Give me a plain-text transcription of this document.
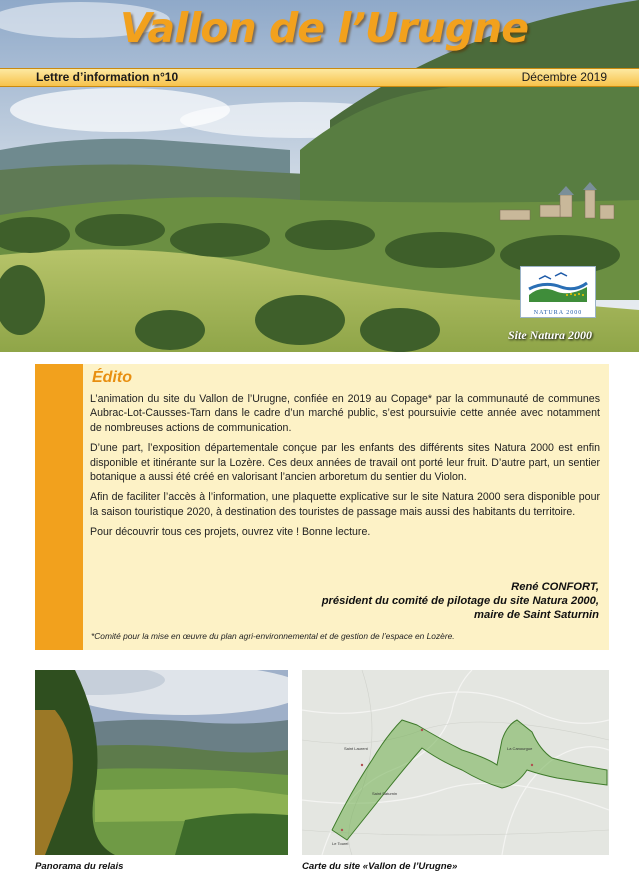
Vallon de l’Urugne
Lettre d’information n°10	Décembre 2019
NATURA 2000
Site Natura 2000
Édito

L’animation du site du Vallon de l’Urugne, confiée en 2019 au Copage* par la communauté de communes Aubrac-Lot-Causses-Tarn dans le cadre d’un marché public, s’est poursuivie cette année avec notamment de nombreuses actions de communication.

D’une part, l’exposition départementale conçue par les enfants des différents sites Natura 2000 est enfin disponible et itinérante sur la Lozère. Ces deux années de travail ont porté leur fruit. D’autre part, un sentier botanique a aussi été créé en valorisant l’ancien arboretum du sentier du Violon.

Afin de faciliter l’accès à l’information, une plaquette explicative sur le site Natura 2000 sera disponible pour la saison touristique 2020, à destination des touristes de passage mais aussi des habitants du territoire.

Pour découvrir tous ces projets, ouvrez vite ! Bonne lecture.

René CONFORT,
président du comité de pilotage du site Natura 2000,
maire de Saint Saturnin
*Comité pour la mise en œuvre du plan agri-environnemental et de gestion de l’espace en Lozère.
Saint Laurent
Saint Saturnin
La Canourgue
Le Tourel
Panorama du relais	Carte du site «Vallon de l’Urugne»
